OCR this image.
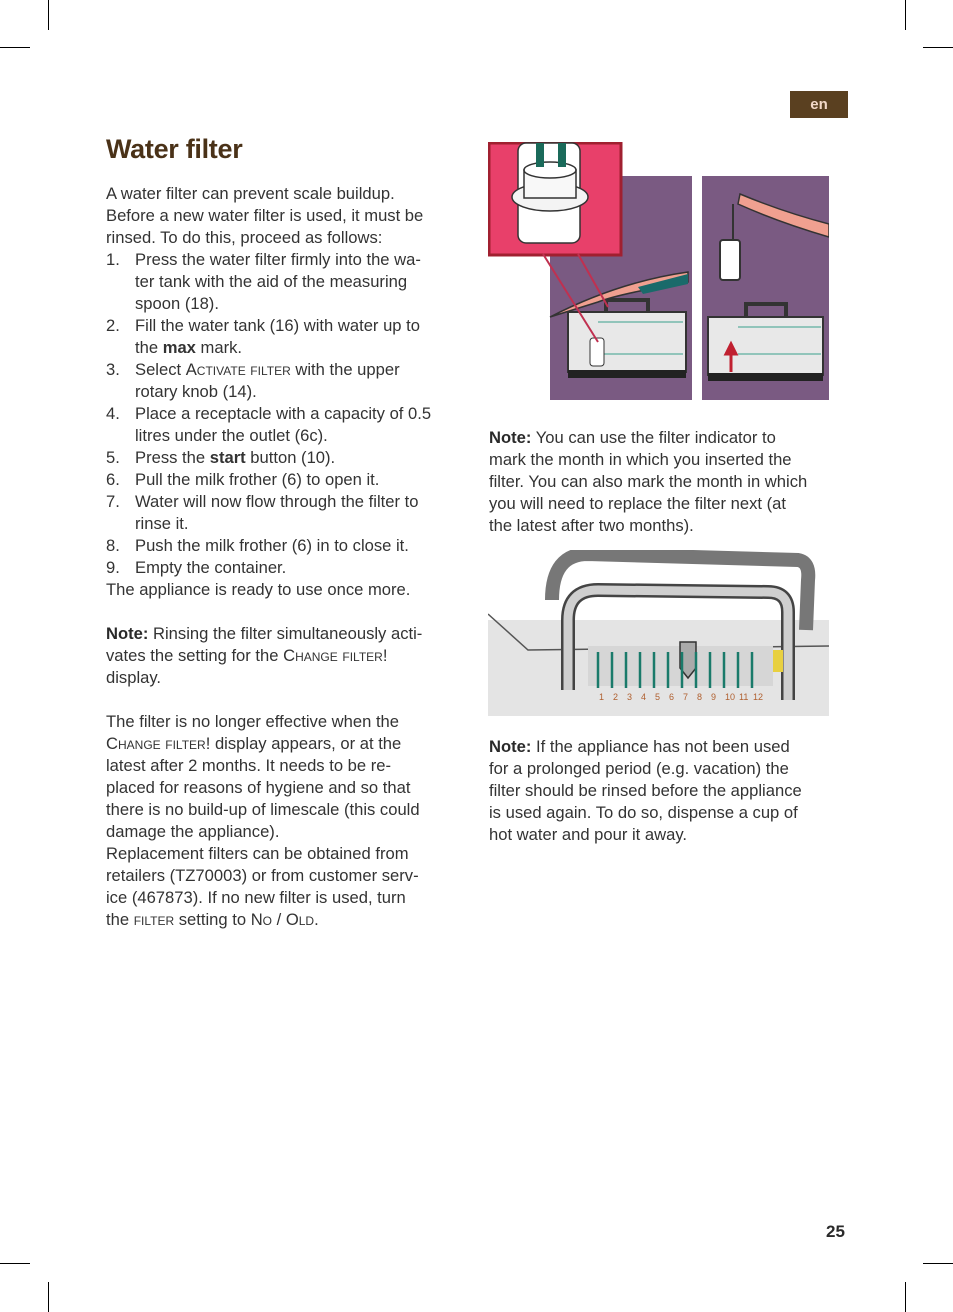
en
Water filter

A water filter can prevent scale buildup.

Before a new water filter is used, it must be

rinsed. To do this, proceed as follows:

1. Press the water filter firmly into the wa-
ter tank with the aid of the measuring
spoon (18).
2. Fill the water tank (16) with water up to
the max mark.
3. Select Activate filter with the upper
rotary knob (14).
4. Place a receptacle with a capacity of 0.5
litres under the outlet (6c).
5. Press the start button (10).
6. Pull the milk frother (6) to open it.
7. Water will now flow through the filter to
rinse it.
8. Push the milk frother (6) in to close it.
9. Empty the container.

The appliance is ready to use once more.

Note: Rinsing the filter simultaneously acti-
vates the setting for the Change filter!
display.

The filter is no longer effective when the
Change filter! display appears, or at the
latest after 2 months. It needs to be re-
placed for reasons of hygiene and so that
there is no build-up of limescale (this could
damage the appliance).

Replacement filters can be obtained from
retailers (TZ70003) or from customer serv-
ice (467873). If no new filter is used, turn
the filter setting to No / Old.

Note: You can use the filter indicator to
mark the month in which you inserted the
filter. You can also mark the month in which
you will need to replace the filter next (at
the latest after two months).

1 2 3 4 5 6 7 8 9 10 11 12

Note: If the appliance has not been used
for a prolonged period (e.g. vacation) the
filter should be rinsed before the appliance
is used again. To do so, dispense a cup of
hot water and pour it away.

25
